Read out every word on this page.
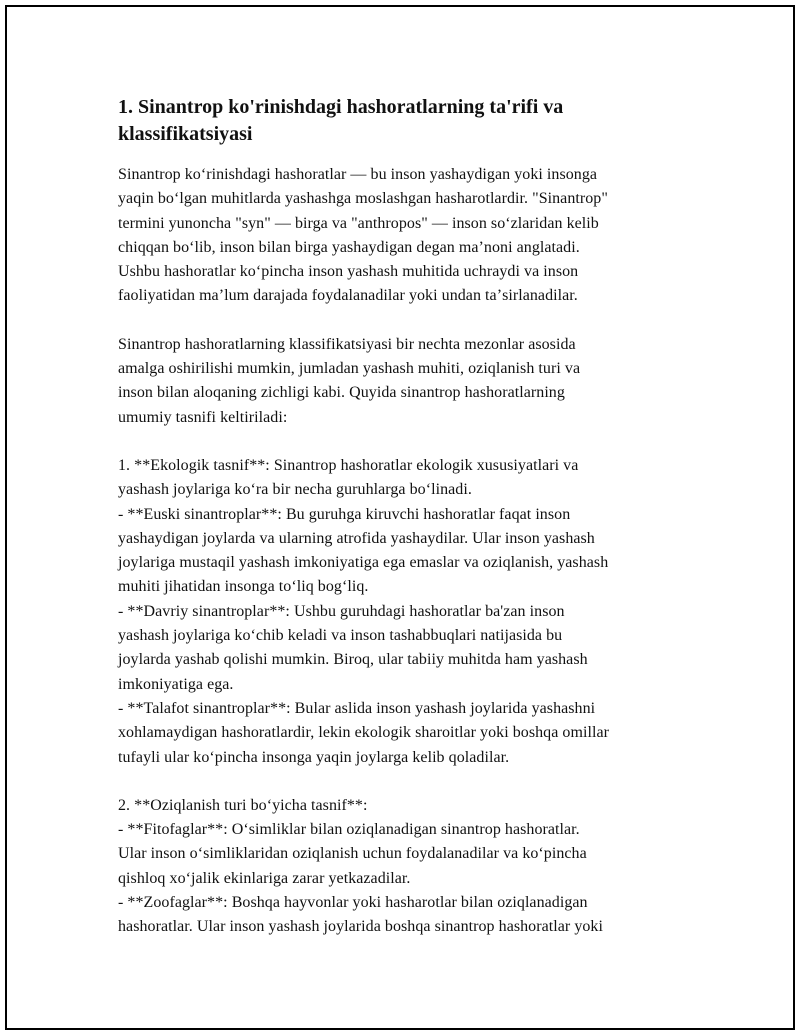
1. Sinantrop ko'rinishdagi hashoratlarning ta'rifi va
klassifikatsiyasi

Sinantrop koʻrinishdagi hashoratlar — bu inson yashaydigan yoki insonga

yaqin boʻlgan muhitlarda yashashga moslashgan hasharotlardir. "Sinantrop"

termini yunoncha "syn" — birga va "anthropos" — inson soʻzlaridan kelib

chiqqan boʻlib, inson bilan birga yashaydigan degan maʼnoni anglatadi.

Ushbu hashoratlar koʻpincha inson yashash muhitida uchraydi va inson

faoliyatidan maʼlum darajada foydalanadilar yoki undan taʼsirlanadilar.

Sinantrop hashoratlarning klassifikatsiyasi bir nechta mezonlar asosida

amalga oshirilishi mumkin, jumladan yashash muhiti, oziqlanish turi va

inson bilan aloqaning zichligi kabi. Quyida sinantrop hashoratlarning

umumiy tasnifi keltiriladi:

1. **Ekologik tasnif**: Sinantrop hashoratlar ekologik xususiyatlari va

yashash joylariga koʻra bir necha guruhlarga boʻlinadi.

- **Euski sinantroplar**: Bu guruhga kiruvchi hashoratlar faqat inson

yashaydigan joylarda va ularning atrofida yashaydilar. Ular inson yashash

joylariga mustaqil yashash imkoniyatiga ega emaslar va oziqlanish, yashash

muhiti jihatidan insonga toʻliq bogʻliq.

- **Davriy sinantroplar**: Ushbu guruhdagi hashoratlar ba'zan inson

yashash joylariga koʻchib keladi va inson tashabbuqlari natijasida bu

joylarda yashab qolishi mumkin. Biroq, ular tabiiy muhitda ham yashash

imkoniyatiga ega.

- **Talafot sinantroplar**: Bular aslida inson yashash joylarida yashashni

xohlamaydigan hashoratlardir, lekin ekologik sharoitlar yoki boshqa omillar

tufayli ular koʻpincha insonga yaqin joylarga kelib qoladilar.

2. **Oziqlanish turi boʻyicha tasnif**:

- **Fitofaglar**: Oʻsimliklar bilan oziqlanadigan sinantrop hashoratlar.

Ular inson oʻsimliklaridan oziqlanish uchun foydalanadilar va koʻpincha

qishloq xoʻjalik ekinlariga zarar yetkazadilar.

- **Zoofaglar**: Boshqa hayvonlar yoki hasharotlar bilan oziqlanadigan

hashoratlar. Ular inson yashash joylarida boshqa sinantrop hashoratlar yoki
